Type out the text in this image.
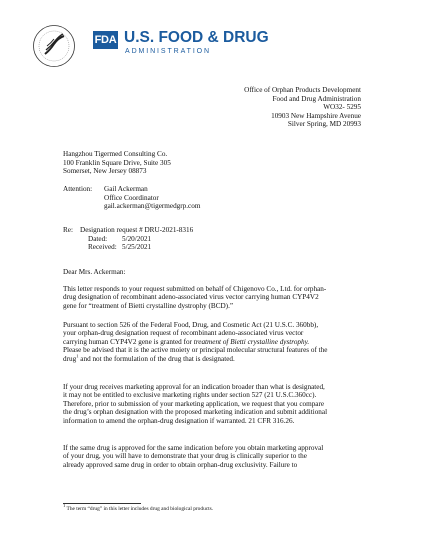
FDA U.S. FOOD & DRUG
ADMINISTRATION
Office of Orphan Products Development
Food and Drug Administration
WO32- 5295
10903 New Hampshire Avenue
Silver Spring, MD 20993
Hangzhou Tigermed Consulting Co.
100 Franklin Square Drive, Suite 305
Somerset, New Jersey 08873
Attention: Gail Ackerman
Office Coordinator
gail.ackerman@tigermedgrp.com
Re: Designation request # DRU-2021-8316
Dated: 5/20/2021
Received: 5/25/2021
Dear Mrs. Ackerman:
This letter responds to your request submitted on behalf of Chigenovo Co., Ltd. for orphan-
drug designation of recombinant adeno-associated virus vector carrying human CYP4V2
gene for “treatment of Bietti crystalline dystrophy (BCD).”
Pursuant to section 526 of the Federal Food, Drug, and Cosmetic Act (21 U.S.C. 360bb),
your orphan-drug designation request of recombinant adeno-associated virus vector
carrying human CYP4V2 gene is granted for treatment of Bietti crystalline dystrophy.
Please be advised that it is the active moiety or principal molecular structural features of the
drug$^1$ and not the formulation of the drug that is designated.
If your drug receives marketing approval for an indication broader than what is designated,
it may not be entitled to exclusive marketing rights under section 527 (21 U.S.C.360cc).
Therefore, prior to submission of your marketing application, we request that you compare
the drug’s orphan designation with the proposed marketing indication and submit additional
information to amend the orphan-drug designation if warranted. 21 CFR 316.26.
If the same drug is approved for the same indication before you obtain marketing approval
of your drug, you will have to demonstrate that your drug is clinically superior to the
already approved same drug in order to obtain orphan-drug exclusivity. Failure to
$^1$ The term “drug” in this letter includes drug and biological products.
